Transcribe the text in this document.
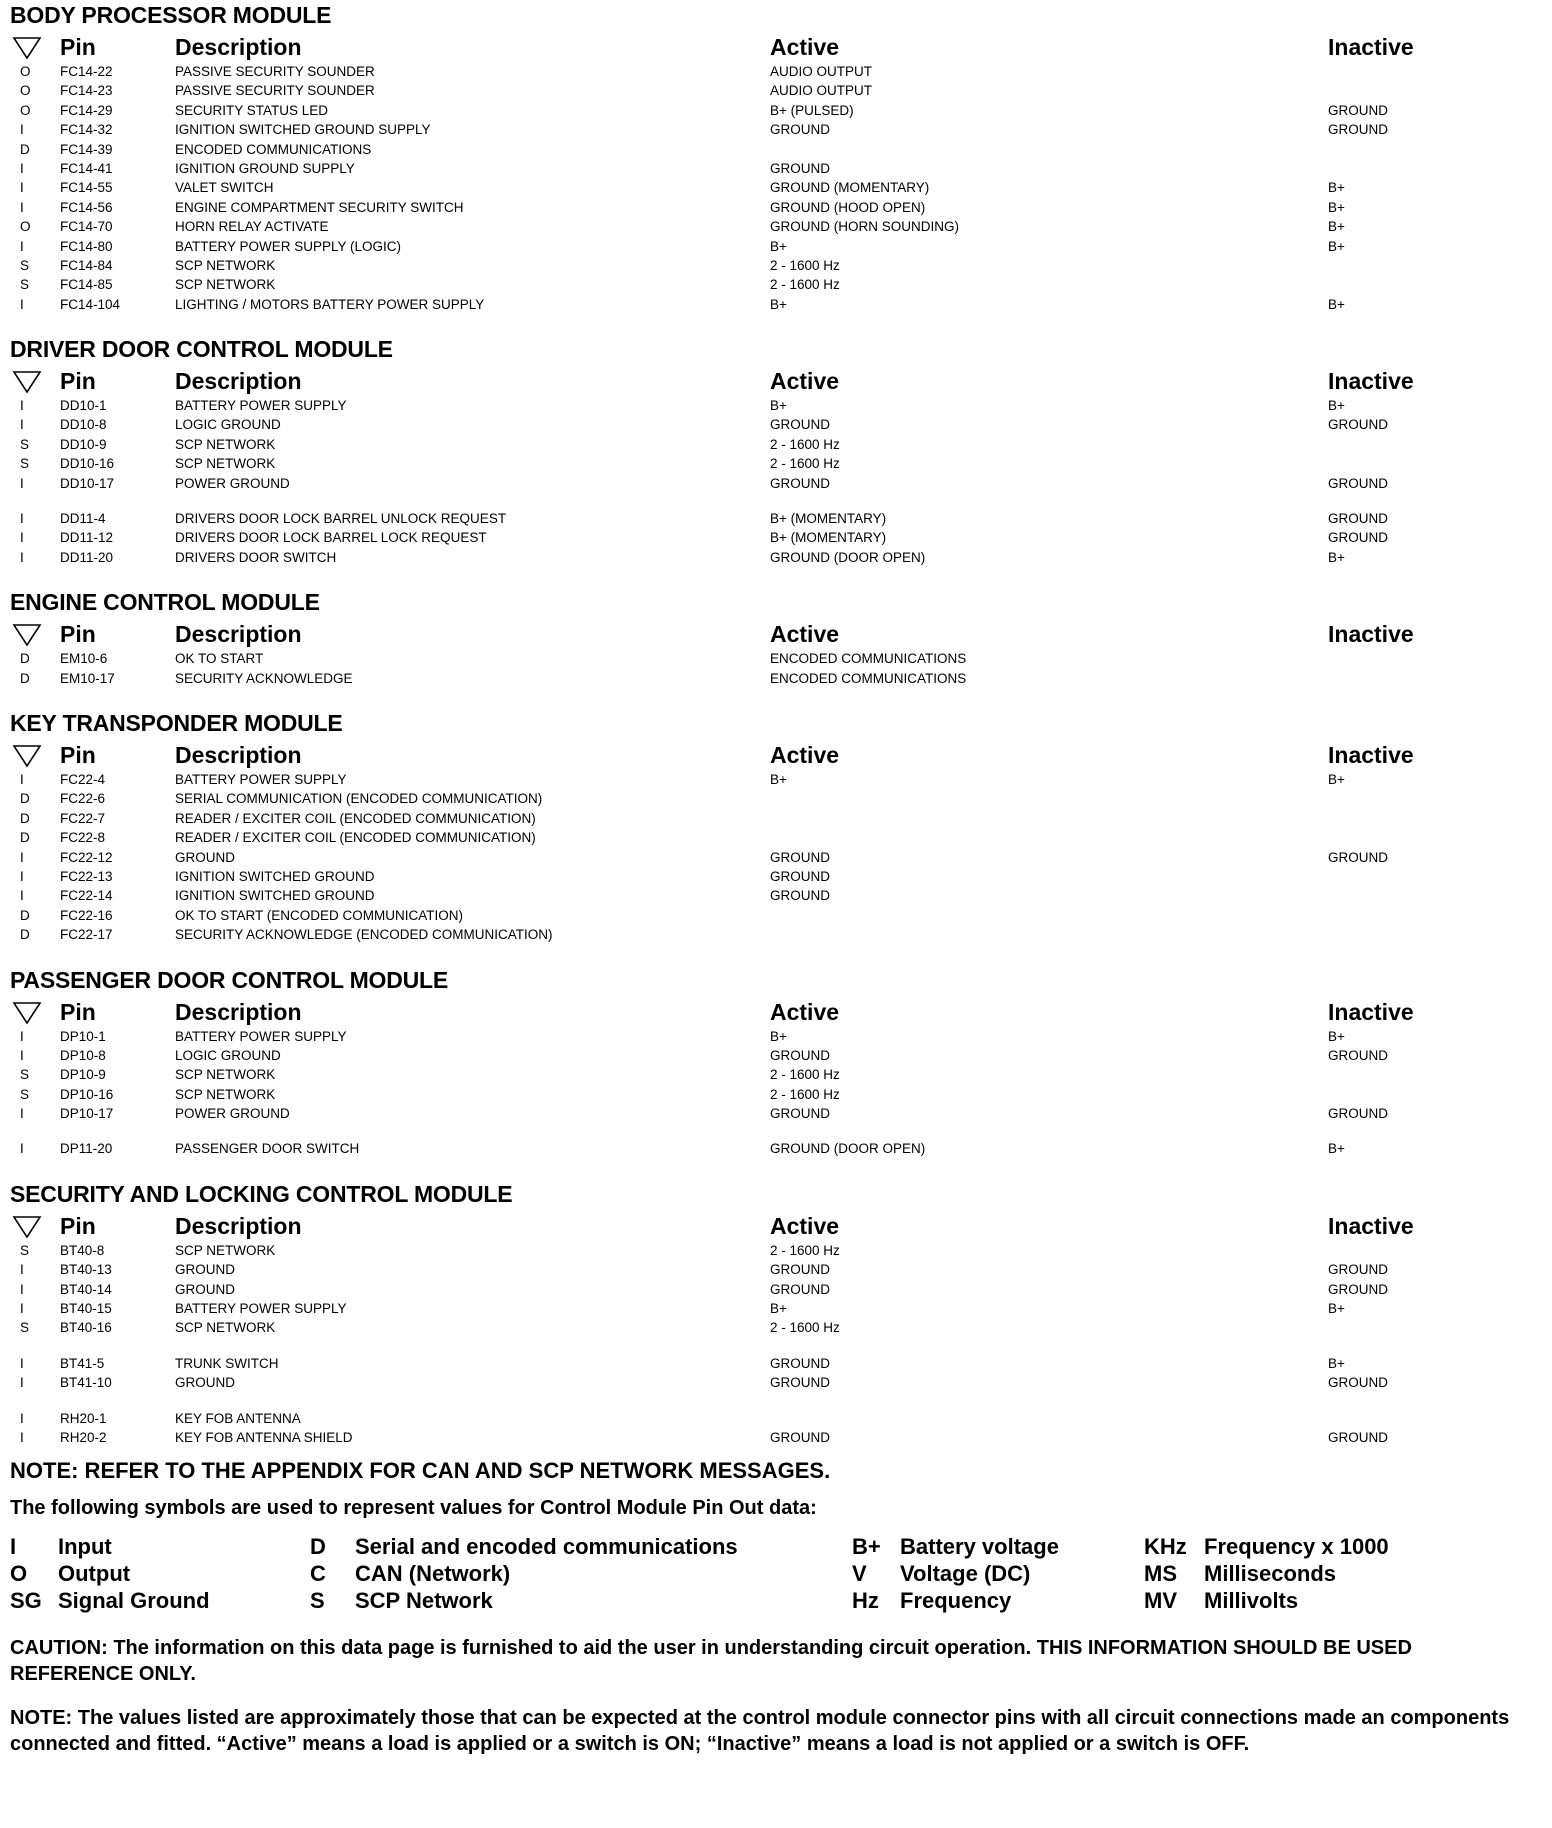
BODY PROCESSOR MODULE
Pin	Description	Active	Inactive
O FC14-22	PASSIVE SECURITY SOUNDER	AUDIO OUTPUT
O FC14-23	PASSIVE SECURITY SOUNDER	AUDIO OUTPUT
O FC14-29	SECURITY STATUS LED	B+ (PULSED)	GROUND
I	FC14-32	IGNITION SWITCHED GROUND SUPPLY	GROUND	GROUND
D FC14-39	ENCODED COMMUNICATIONS
I	FC14-41	IGNITION GROUND SUPPLY	GROUND
I	FC14-55	VALET SWITCH	GROUND (MOMENTARY)	B+
I	FC14-56	ENGINE COMPARTMENT SECURITY SWITCH	GROUND (HOOD OPEN)	B+
O FC14-70	HORN RELAY ACTIVATE	GROUND (HORN SOUNDING)	B+
I	FC14-80	BATTERY POWER SUPPLY (LOGIC)	B+	B+
S FC14-84	SCP NETWORK	2 - 1600 Hz
S FC14-85	SCP NETWORK	2 - 1600 Hz
I	FC14-104	LIGHTING / MOTORS BATTERY POWER SUPPLY	B+	B+
DRIVER DOOR CONTROL MODULE
Pin	Description	Active	Inactive
I	DD10-1	BATTERY POWER SUPPLY	B+	B+
I	DD10-8	LOGIC GROUND	GROUND	GROUND
S DD10-9	SCP NETWORK	2 - 1600 Hz
S DD10-16	SCP NETWORK	2 - 1600 Hz
I	DD10-17	POWER GROUND	GROUND	GROUND
I	DD11-4	DRIVERS DOOR LOCK BARREL UNLOCK REQUEST	B+ (MOMENTARY)	GROUND
I	DD11-12	DRIVERS DOOR LOCK BARREL LOCK REQUEST	B+ (MOMENTARY)	GROUND
I	DD11-20	DRIVERS DOOR SWITCH	GROUND (DOOR OPEN)	B+
ENGINE CONTROL MODULE
Pin	Description	Active	Inactive
D EM10-6	OK TO START	ENCODED COMMUNICATIONS
D EM10-17	SECURITY ACKNOWLEDGE	ENCODED COMMUNICATIONS
KEY TRANSPONDER MODULE
Pin	Description	Active	Inactive
I	FC22-4	BATTERY POWER SUPPLY	B+	B+
D FC22-6	SERIAL COMMUNICATION (ENCODED COMMUNICATION)
D FC22-7	READER / EXCITER COIL (ENCODED COMMUNICATION)
D FC22-8	READER / EXCITER COIL (ENCODED COMMUNICATION)
I	FC22-12	GROUND	GROUND	GROUND
I	FC22-13	IGNITION SWITCHED GROUND	GROUND
I	FC22-14	IGNITION SWITCHED GROUND	GROUND
D FC22-16	OK TO START (ENCODED COMMUNICATION)
D FC22-17	SECURITY ACKNOWLEDGE (ENCODED COMMUNICATION)
PASSENGER DOOR CONTROL MODULE
Pin	Description	Active	Inactive
I	DP10-1	BATTERY POWER SUPPLY	B+	B+
I	DP10-8	LOGIC GROUND	GROUND	GROUND
S DP10-9	SCP NETWORK	2 - 1600 Hz
S DP10-16	SCP NETWORK	2 - 1600 Hz
I	DP10-17	POWER GROUND	GROUND	GROUND
I	DP11-20	PASSENGER DOOR SWITCH	GROUND (DOOR OPEN)	B+
SECURITY AND LOCKING CONTROL MODULE
Pin	Description	Active	Inactive
S BT40-8	SCP NETWORK	2 - 1600 Hz
I	BT40-13	GROUND	GROUND	GROUND
I	BT40-14	GROUND	GROUND	GROUND
I	BT40-15	BATTERY POWER SUPPLY	B+	B+
S BT40-16	SCP NETWORK	2 - 1600 Hz
I	BT41-5	TRUNK SWITCH	GROUND	B+
I	BT41-10	GROUND	GROUND	GROUND
I	RH20-1	KEY FOB ANTENNA
I	RH20-2	KEY FOB ANTENNA SHIELD	GROUND	GROUND
NOTE: REFER TO THE APPENDIX FOR CAN AND SCP NETWORK MESSAGES.
The following symbols are used to represent values for Control Module Pin Out data:
I Input
O Output
SG Signal Ground
D Serial and encoded communications
C CAN (Network)
S SCP Network
B+ Battery voltage
V Voltage (DC)
Hz Frequency
KHz Frequency x 1000
MS Milliseconds
MV Millivolts
CAUTION: The information on this data page is furnished to aid the user in understanding circuit operation. THIS INFORMATION SHOULD BE USED REFERENCE ONLY.
NOTE: The values listed are approximately those that can be expected at the control module connector pins with all circuit connections made an components connected and fitted. “Active” means a load is applied or a switch is ON; “Inactive” means a load is not applied or a switch is OFF.
